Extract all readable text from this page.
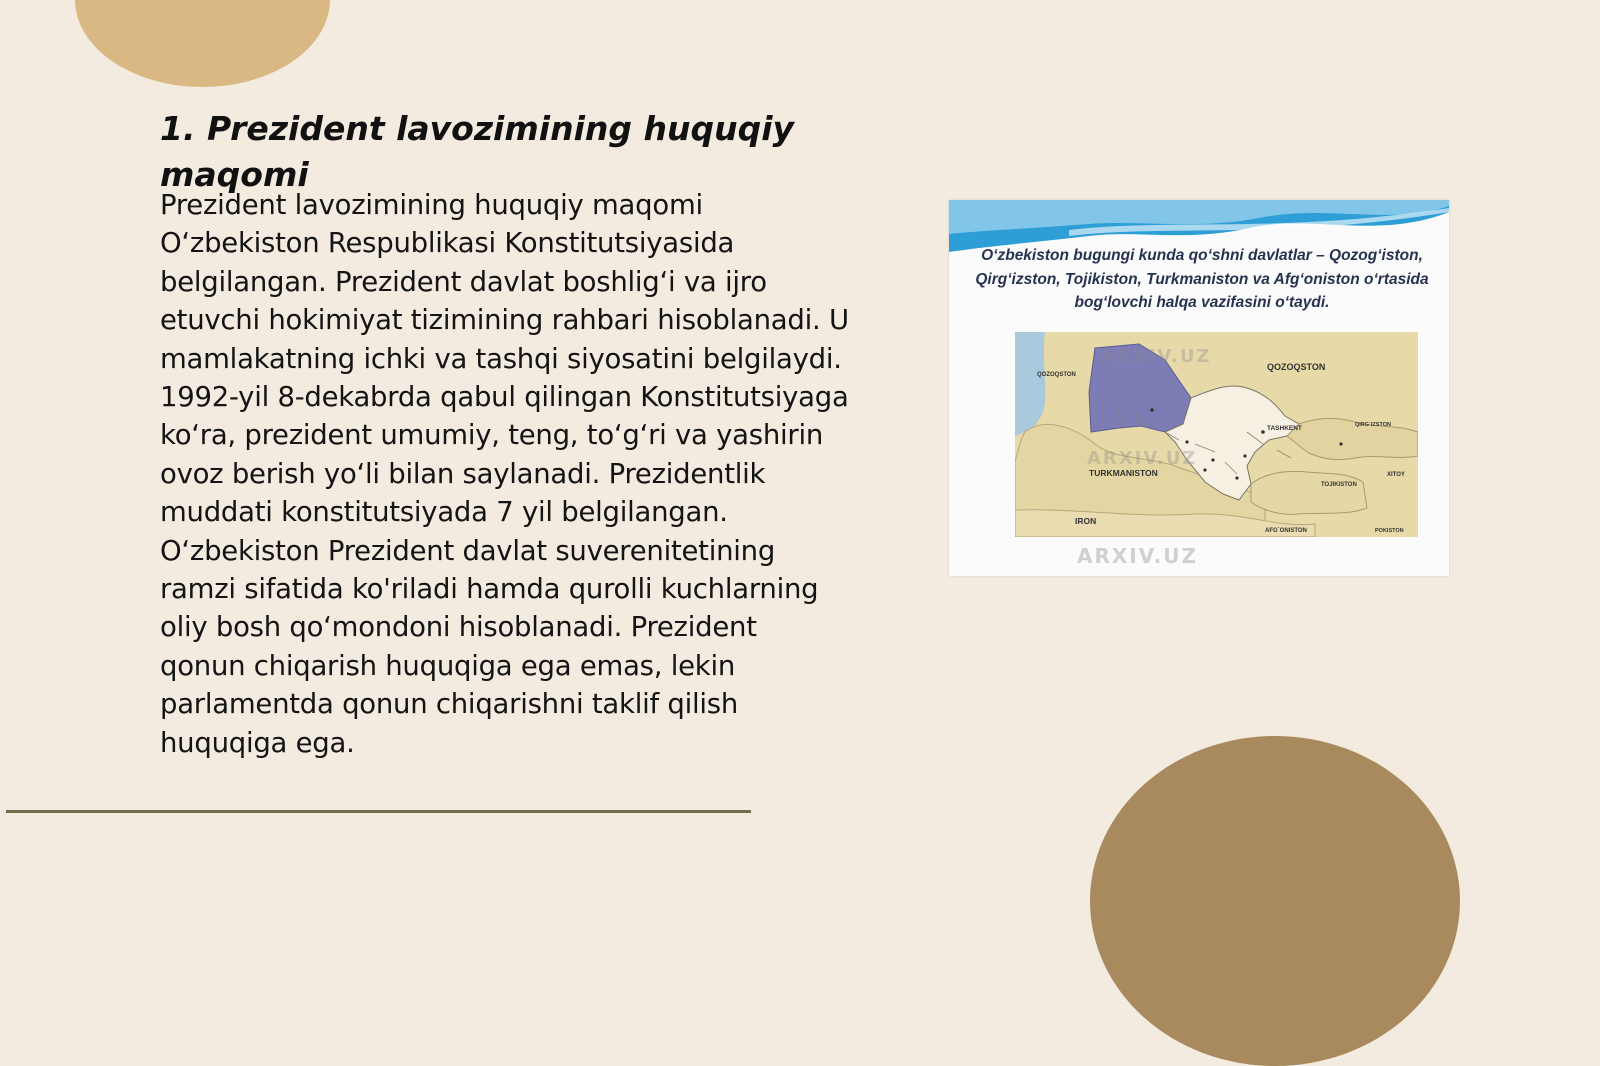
1. Prezident lavozimining huquqiy maqomi

Prezident lavozimining huquqiy maqomi O‘zbekiston Respublikasi Konstitutsiyasida belgilangan. Prezident davlat boshlig‘i va ijro etuvchi hokimiyat tizimining rahbari hisoblanadi. U mamlakatning ichki va tashqi siyosatini belgilaydi. 1992-yil 8-dekabrda qabul qilingan Konstitutsiyaga ko‘ra, prezident umumiy, teng, to‘g‘ri va yashirin ovoz berish yo‘li bilan saylanadi. Prezidentlik muddati konstitutsiyada 7 yil belgilangan. O‘zbekiston Prezident davlat suverenitetining ramzi sifatida ko'riladi hamda qurolli kuchlarning oliy bosh qo‘mondoni hisoblanadi. Prezident qonun chiqarish huquqiga ega emas, lekin parlamentda qonun chiqarishni taklif qilish huquqiga ega.

O‘zbekiston bugungi kunda qo‘shni davlatlar – Qozog‘iston, Qirg‘izston, Tojikiston, Turkmaniston va Afg‘oniston o‘rtasida bog‘lovchi halqa vazifasini o‘taydi.

QOZOQSTON
QOZOQSTON
TURKMANISTON
IRON
TASHKENT	QIRG`IZSTON
TOJIKISTON
XITOY
AFG`ONISTON	POKISTON
ARXIV.UZ
ARXIV.UZ
ARXIV.UZ
